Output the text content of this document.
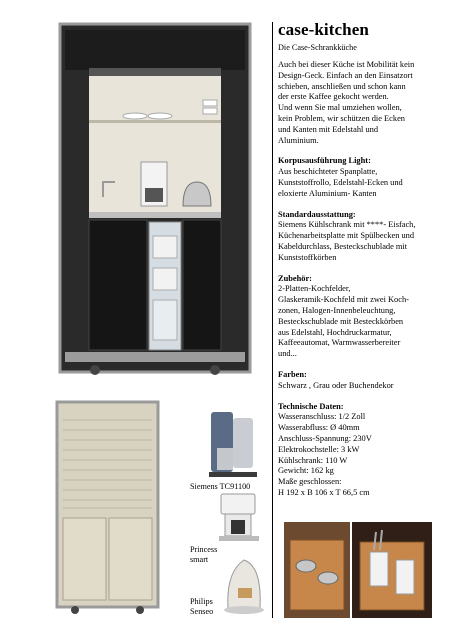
Siemens TC91100
Princess
smart
Philips
Senseo
case-kitchen
Die Case-Schrankküche

Auch bei dieser Küche ist Mobilität kein
Design-Geck. Einfach an den Einsatzort
schieben, anschließen und schon kann
der erste Kaffee gekocht werden.
Und wenn Sie mal umziehen wollen,
kein Problem, wir schützen die Ecken
und Kanten mit Edelstahl und
Aluminium.

Korpusausführung Light:
Aus beschichteter Spanplatte,
Kunststoffrollo, Edelstahl-Ecken und
eloxierte Aluminium- Kanten

Standardausstattung:
Siemens Kühlschrank mit ****- Eisfach,
Küchenarbeitsplatte mit Spülbecken und
Kabeldurchlass, Besteckschublade mit
Kunststoffkörben

Zubehör:
2-Platten-Kochfelder,
Glaskeramik-Kochfeld mit zwei Koch-
zonen, Halogen-Innenbeleuchtung,
Besteckschublade mit Besteckkörben
aus Edelstahl, Hochdruckarmatur,
Kaffeeautomat, Warmwasserbereiter
und...

Farben:
Schwarz , Grau oder Buchendekor

Technische Daten:
Wasseranschluss: 1/2 Zoll
Wasserabfluss: Ø 40mm
Anschluss-Spannung: 230V
Elektrokochstelle: 3 kW
Kühlschrank: 110 W
Gewicht: 162 kg
Maße geschlossen:
H 192 x B 106 x T 66,5 cm
